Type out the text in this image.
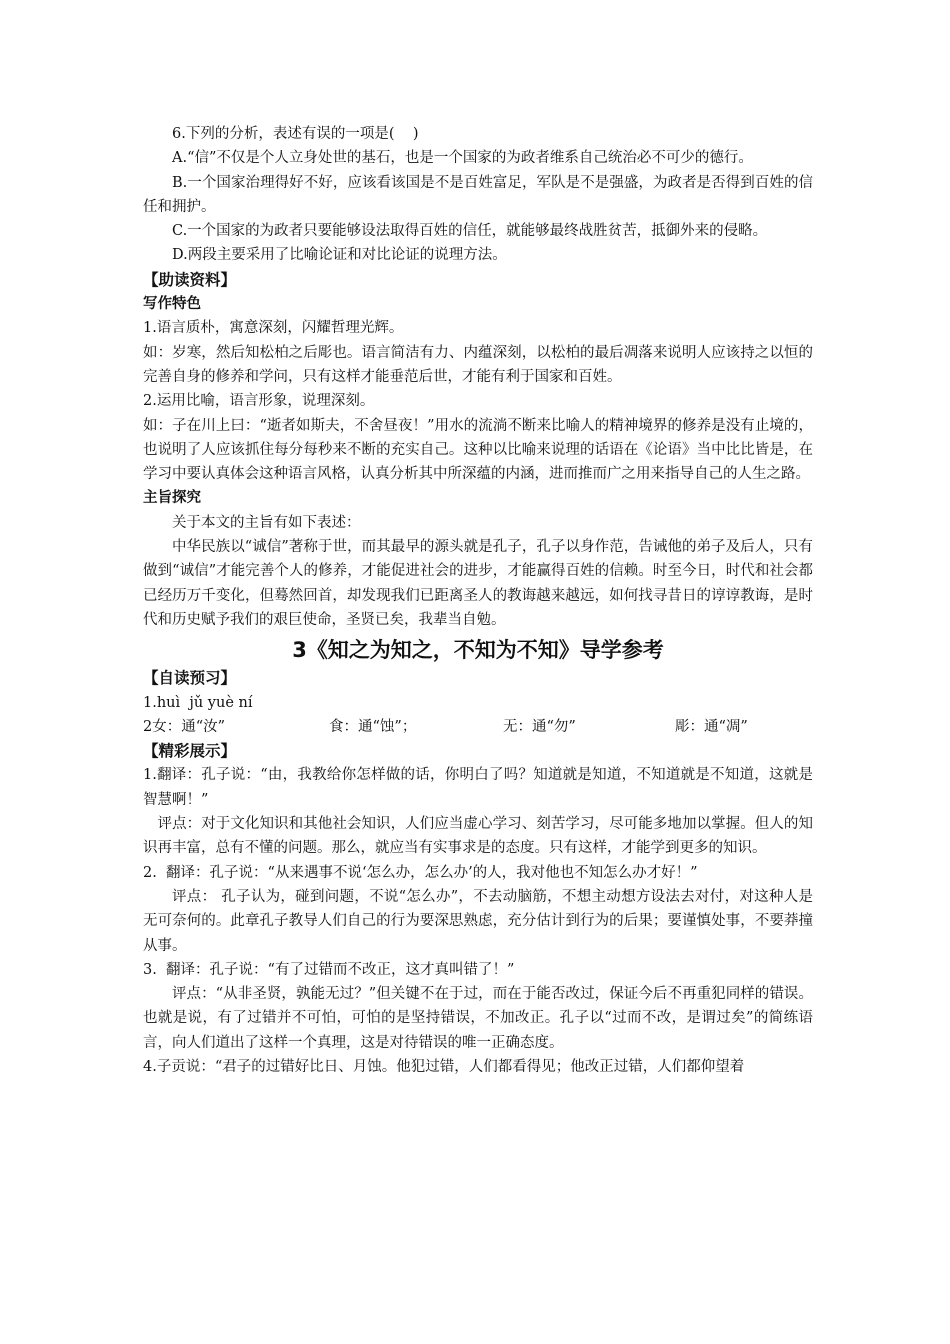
6.下列的分析，表述有误的一项是(    )

A.“信”不仅是个人立身处世的基石，也是一个国家的为政者维系自己统治必不可少的德行。

B.一个国家治理得好不好，应该看该国是不是百姓富足，军队是不是强盛，为政者是否得到百姓的信任和拥护。

C.一个国家的为政者只要能够设法取得百姓的信任，就能够最终战胜贫苦，抵御外来的侵略。

D.两段主要采用了比喻论证和对比论证的说理方法。

【助读资料】

写作特色

1.语言质朴，寓意深刻，闪耀哲理光辉。

如：岁寒，然后知松柏之后彫也。语言简洁有力、内蕴深刻，以松柏的最后凋落来说明人应该持之以恒的完善自身的修养和学问，只有这样才能垂范后世，才能有利于国家和百姓。

2.运用比喻，语言形象，说理深刻。

如：子在川上曰：“逝者如斯夫，不舍昼夜！”用水的流淌不断来比喻人的精神境界的修养是没有止境的，也说明了人应该抓住每分每秒来不断的充实自己。这种以比喻来说理的话语在《论语》当中比比皆是，在学习中要认真体会这种语言风格，认真分析其中所深蕴的内涵，进而推而广之用来指导自己的人生之路。

主旨探究

关于本文的主旨有如下表述：

中华民族以“诚信”著称于世，而其最早的源头就是孔子，孔子以身作范，告诫他的弟子及后人，只有做到“诚信”才能完善个人的修养，才能促进社会的进步，才能赢得百姓的信赖。时至今日，时代和社会都已经历万千变化，但蓦然回首，却发现我们已距离圣人的教诲越来越远，如何找寻昔日的谆谆教诲，是时代和历史赋予我们的艰巨使命，圣贤已矣，我辈当自勉。

3《知之为知之，不知为不知》导学参考

【自读预习】

1.huì  jǔ yuè ní

2女：通“汝”	食：通“蚀”；	无：通“勿”	彫：通“凋”

【精彩展示】

1.翻译：孔子说：“由，我教给你怎样做的话，你明白了吗？知道就是知道，不知道就是不知道，这就是智慧啊！”

评点：对于文化知识和其他社会知识，人们应当虚心学习、刻苦学习，尽可能多地加以掌握。但人的知识再丰富，总有不懂的问题。那么，就应当有实事求是的态度。只有这样，才能学到更多的知识。

2.  翻译：孔子说：“从来遇事不说‘怎么办，怎么办’的人，我对他也不知怎么办才好！”

评点： 孔子认为，碰到问题，不说“怎么办”，不去动脑筋，不想主动想方设法去对付，对这种人是无可奈何的。此章孔子教导人们自己的行为要深思熟虑，充分估计到行为的后果；要谨慎处事，不要莽撞从事。

3.  翻译：孔子说：“有了过错而不改正，这才真叫错了！”

评点：“从非圣贤，孰能无过？”但关键不在于过，而在于能否改过，保证今后不再重犯同样的错误。也就是说，有了过错并不可怕，可怕的是坚持错误，不加改正。孔子以“过而不改，是谓过矣”的简练语言，向人们道出了这样一个真理，这是对待错误的唯一正确态度。

4.子贡说：“君子的过错好比日、月蚀。他犯过错，人们都看得见；他改正过错，人们都仰望着
